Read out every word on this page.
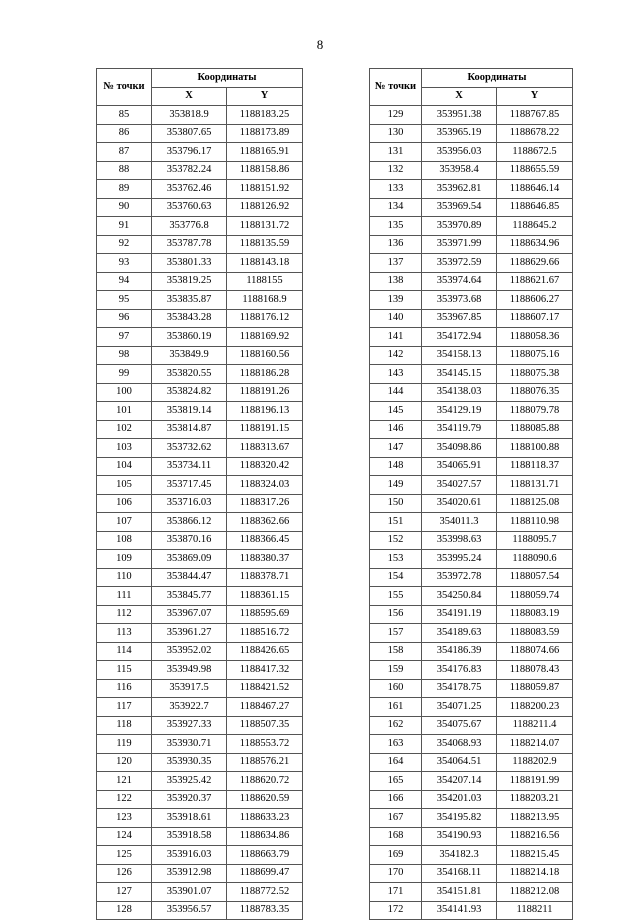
8
№ точки	Координаты	
	X	Y
85	353818.9	1188183.25
86	353807.65	1188173.89
87	353796.17	1188165.91
88	353782.24	1188158.86
89	353762.46	1188151.92
90	353760.63	1188126.92
91	353776.8	1188131.72
92	353787.78	1188135.59
93	353801.33	1188143.18
94	353819.25	1188155
95	353835.87	1188168.9
96	353843.28	1188176.12
97	353860.19	1188169.92
98	353849.9	1188160.56
99	353820.55	1188186.28
100	353824.82	1188191.26
101	353819.14	1188196.13
102	353814.87	1188191.15
103	353732.62	1188313.67
104	353734.11	1188320.42
105	353717.45	1188324.03
106	353716.03	1188317.26
107	353866.12	1188362.66
108	353870.16	1188366.45
109	353869.09	1188380.37
110	353844.47	1188378.71
111	353845.77	1188361.15
112	353967.07	1188595.69
113	353961.27	1188516.72
114	353952.02	1188426.65
115	353949.98	1188417.32
116	353917.5	1188421.52
117	353922.7	1188467.27
118	353927.33	1188507.35
119	353930.71	1188553.72
120	353930.35	1188576.21
121	353925.42	1188620.72
122	353920.37	1188620.59
123	353918.61	1188633.23
124	353918.58	1188634.86
125	353916.03	1188663.79
126	353912.98	1188699.47
127	353901.07	1188772.52
128	353956.57	1188783.35
№ точки	Координаты	
	X	Y
129	353951.38	1188767.85
130	353965.19	1188678.22
131	353956.03	1188672.5
132	353958.4	1188655.59
133	353962.81	1188646.14
134	353969.54	1188646.85
135	353970.89	1188645.2
136	353971.99	1188634.96
137	353972.59	1188629.66
138	353974.64	1188621.67
139	353973.68	1188606.27
140	353967.85	1188607.17
141	354172.94	1188058.36
142	354158.13	1188075.16
143	354145.15	1188075.38
144	354138.03	1188076.35
145	354129.19	1188079.78
146	354119.79	1188085.88
147	354098.86	1188100.88
148	354065.91	1188118.37
149	354027.57	1188131.71
150	354020.61	1188125.08
151	354011.3	1188110.98
152	353998.63	1188095.7
153	353995.24	1188090.6
154	353972.78	1188057.54
155	354250.84	1188059.74
156	354191.19	1188083.19
157	354189.63	1188083.59
158	354186.39	1188074.66
159	354176.83	1188078.43
160	354178.75	1188059.87
161	354071.25	1188200.23
162	354075.67	1188211.4
163	354068.93	1188214.07
164	354064.51	1188202.9
165	354207.14	1188191.99
166	354201.03	1188203.21
167	354195.82	1188213.95
168	354190.93	1188216.56
169	354182.3	1188215.45
170	354168.11	1188214.18
171	354151.81	1188212.08
172	354141.93	1188211
